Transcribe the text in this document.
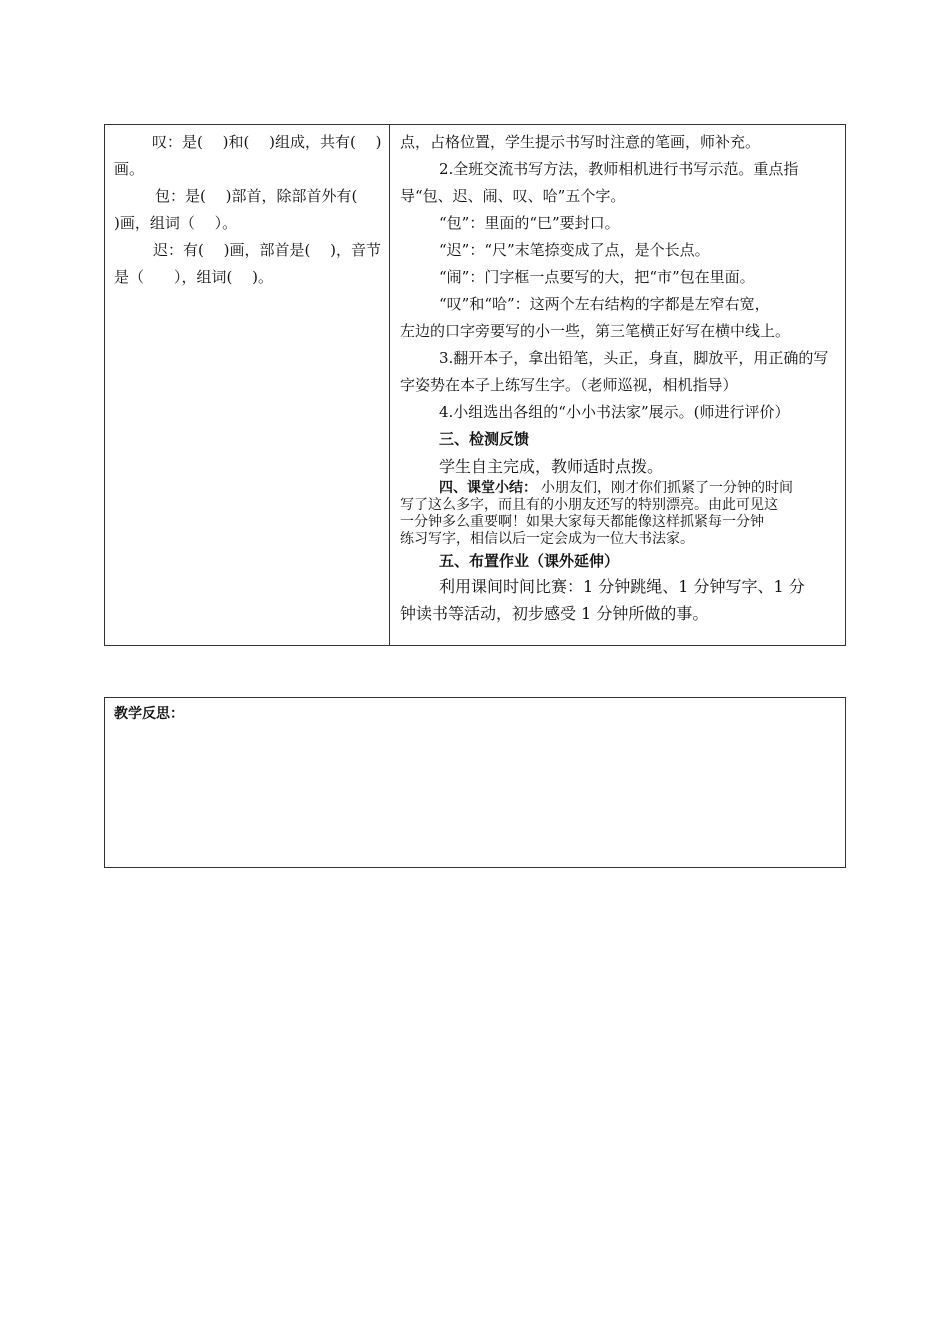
叹：是(　 )和(　 )组成，共有(　 )
画。
包：是(　 )部首，除部首外有(
)画，组词（　 ）。
迟：有(　 )画，部首是(　 )，音节
是（　　），组词(　 )。
点，占格位置，学生提示书写时注意的笔画，师补充。
2.全班交流书写方法，教师相机进行书写示范。重点指
导“包、迟、闹、叹、哈”五个字。
“包”：里面的“巳”要封口。
“迟”：“尺”末笔捺变成了点，是个长点。
“闹”：门字框一点要写的大，把“市”包在里面。
“叹”和“哈”：这两个左右结构的字都是左窄右宽，
左边的口字旁要写的小一些，第三笔横正好写在横中线上。
3.翻开本子，拿出铅笔，头正，身直，脚放平，用正确的写
字姿势在本子上练写生字。（老师巡视，相机指导）
4.小组选出各组的“小小书法家”展示。(师进行评价）
三、检测反馈
学生自主完成，教师适时点拨。
四、课堂小结： 小朋友们，刚才你们抓紧了一分钟的时间
写了这么多字，而且有的小朋友还写的特别漂亮。由此可见这
一分钟多么重要啊！如果大家每天都能像这样抓紧每一分钟
练习写字，相信以后一定会成为一位大书法家。
五、布置作业（课外延伸）
利用课间时间比赛：1 分钟跳绳、1 分钟写字、1 分
钟读书等活动，初步感受 1 分钟所做的事。
教学反思：
